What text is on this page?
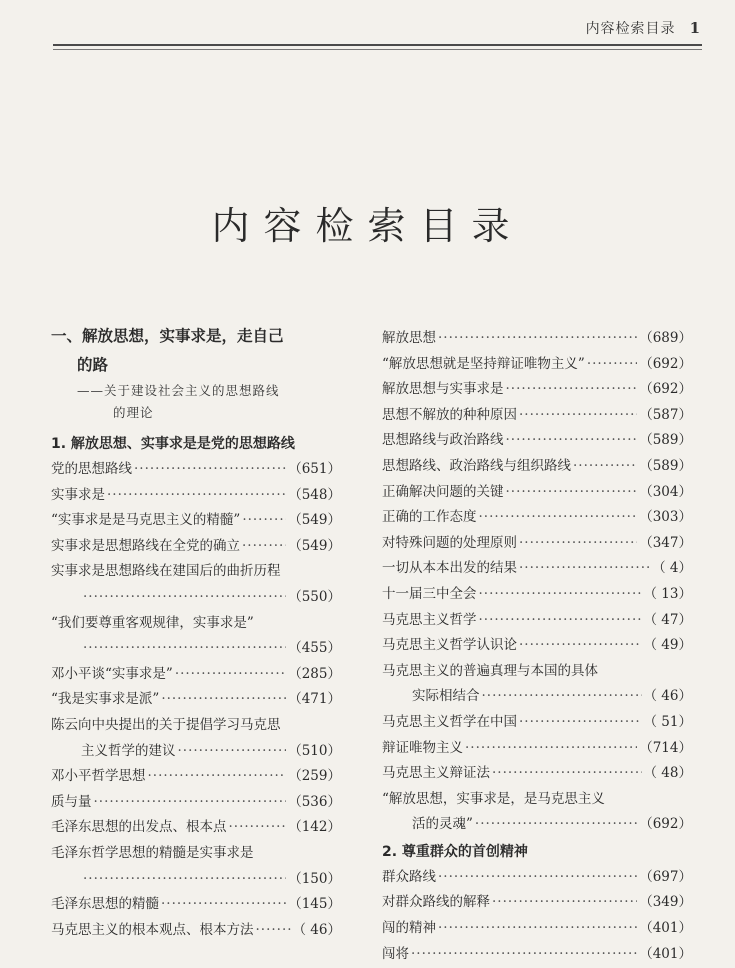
内容检索目录 1
内容检索目录
一、解放思想，实事求是，走自己
的路
——关于建设社会主义的思想路线
的理论
1. 解放思想、实事求是是党的思想路线
党的思想路线 ·····	（651）
实事求是 ·····	（548）
“实事求是是马克思主义的精髓” ·····	（549）
实事求是思想路线在全党的确立 ·····	（549）
实事求是思想路线在建国后的曲折历程
·····
（550）
“我们要尊重客观规律，实事求是”
·····
（455）
邓小平谈“实事求是” ·····	（285）
“我是实事求是派” ·····	（471）
陈云向中央提出的关于提倡学习马克思
主义哲学的建议 ·····	（510）
邓小平哲学思想 ·····	（259）
质与量 ·····	（536）
毛泽东思想的出发点、根本点 ·····	（142）
毛泽东哲学思想的精髓是实事求是
·····
（150）
毛泽东思想的精髓 ·····	（145）
马克思主义的根本观点、根本方法 ·····	（ 46）
解放思想 ·····	（689）
“解放思想就是坚持辩证唯物主义” ·····	（692）
解放思想与实事求是 ·····	（692）
思想不解放的种种原因 ·····	（587）
思想路线与政治路线 ·····	（589）
思想路线、政治路线与组织路线 ·····	（589）
正确解决问题的关键 ·····	（304）
正确的工作态度 ·····	（303）
对特殊问题的处理原则 ·····	（347）
一切从本本出发的结果 ·····	（ 4）
十一届三中全会 ·····	（ 13）
马克思主义哲学 ·····	（ 47）
马克思主义哲学认识论 ·····	（ 49）
马克思主义的普遍真理与本国的具体
实际相结合 ·····	（ 46）
马克思主义哲学在中国 ·····	（ 51）
辩证唯物主义 ·····	（714）
马克思主义辩证法 ·····	（ 48）
“解放思想，实事求是，是马克思主义
活的灵魂” ·····	（692）
2. 尊重群众的首创精神
群众路线 ·····	（697）
对群众路线的解释 ·····	（349）
闯的精神 ·····	（401）
闯将 ·····	（401）
